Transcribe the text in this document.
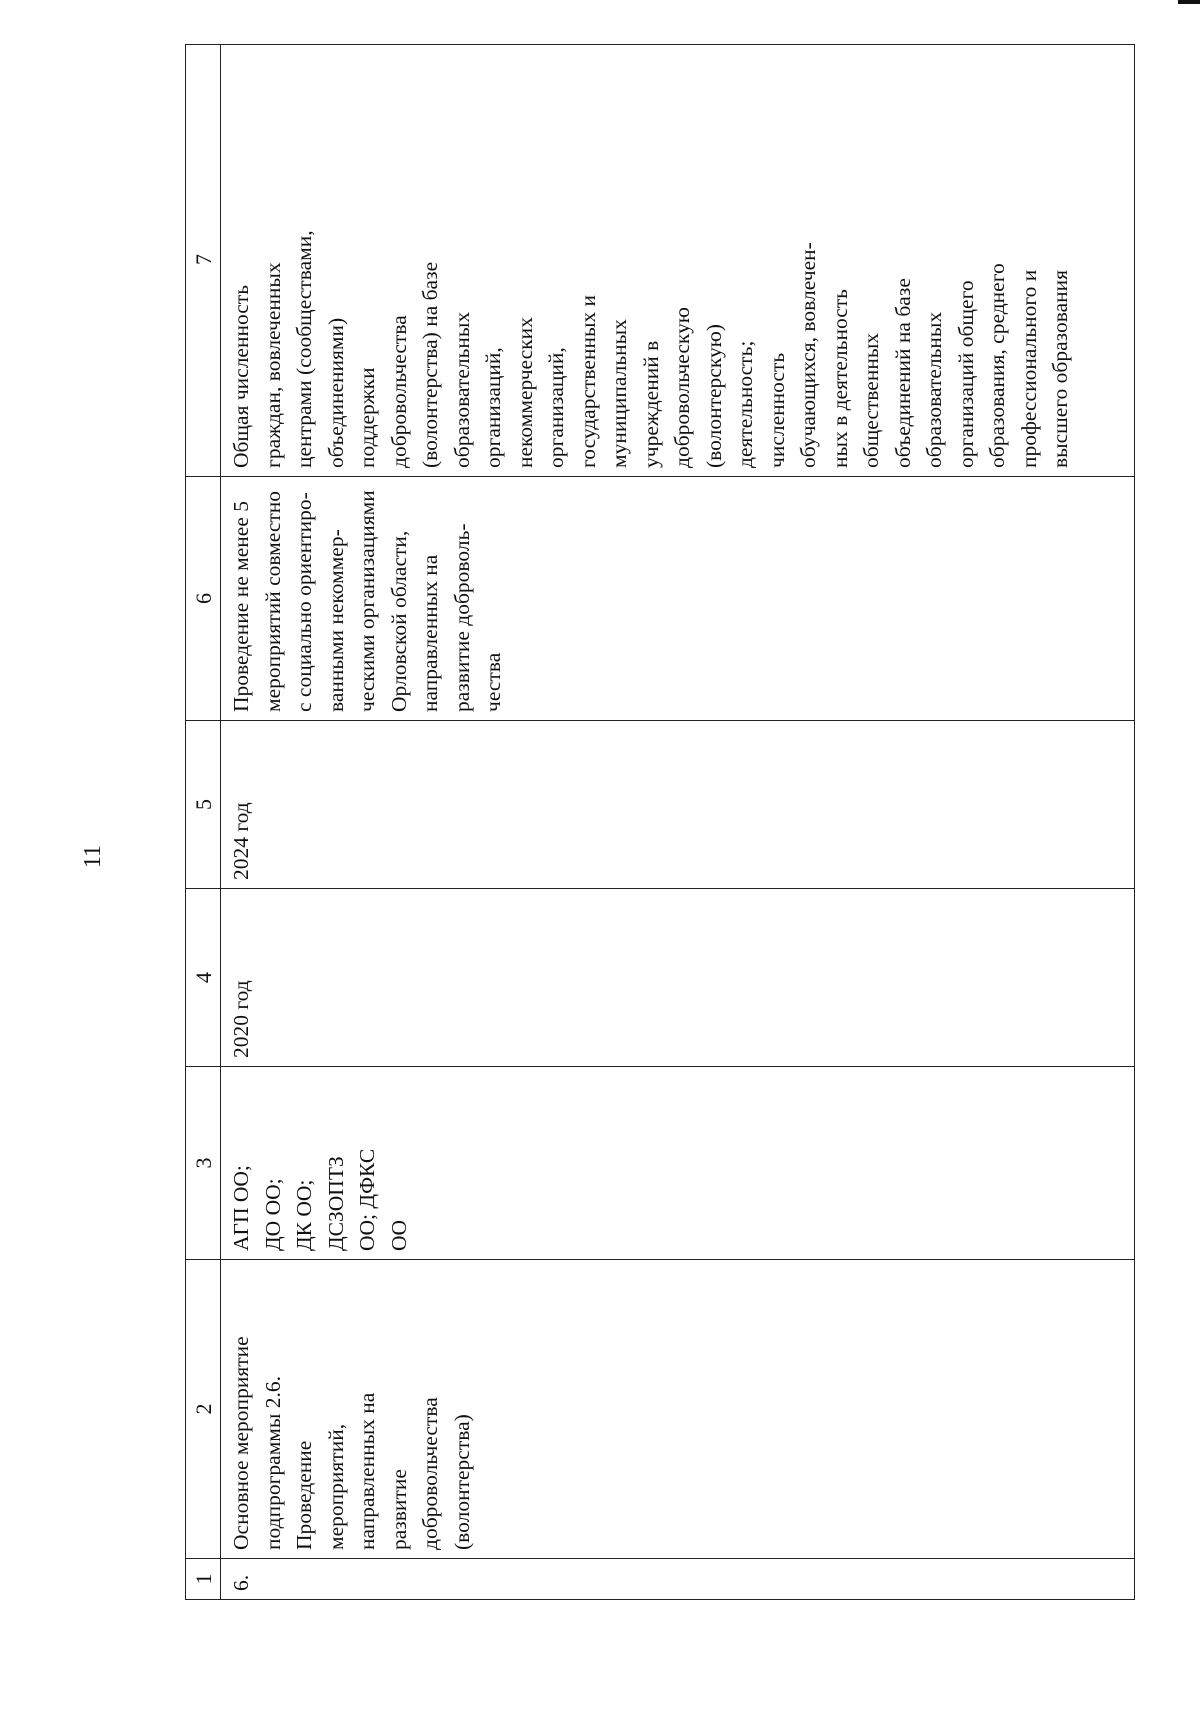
11
1 6.
2
Основное мероприятие
подпрограммы 2.6.
Проведение
мероприятий,
направленных на
развитие
добровольчества
(волонтерства)
3
АГП ОО;
ДО ОО;
ДК ОО;
ДСЗОПТЗ
ОО; ДФКС
ОО
4
2020 год
5 2024 год
6
Проведение не менее 5
мероприятий совместно
с социально ориентиро-
ванными некоммер-
ческими организациями
Орловской области,
направленных на
развитие доброволь-
чества
7
Общая численность
граждан, вовлеченных
центрами (сообществами,
объединениями)
поддержки
добровольчества
(волонтерства) на базе
образовательных
организаций,
некоммерческих
организаций,
государственных и
муниципальных
учреждений в
добровольческую
(волонтерскую)
деятельность;
численность
обучающихся, вовлечен-
ных в деятельность
общественных
объединений на базе
образовательных
организаций общего
образования, среднего
профессионального и
высшего образования
